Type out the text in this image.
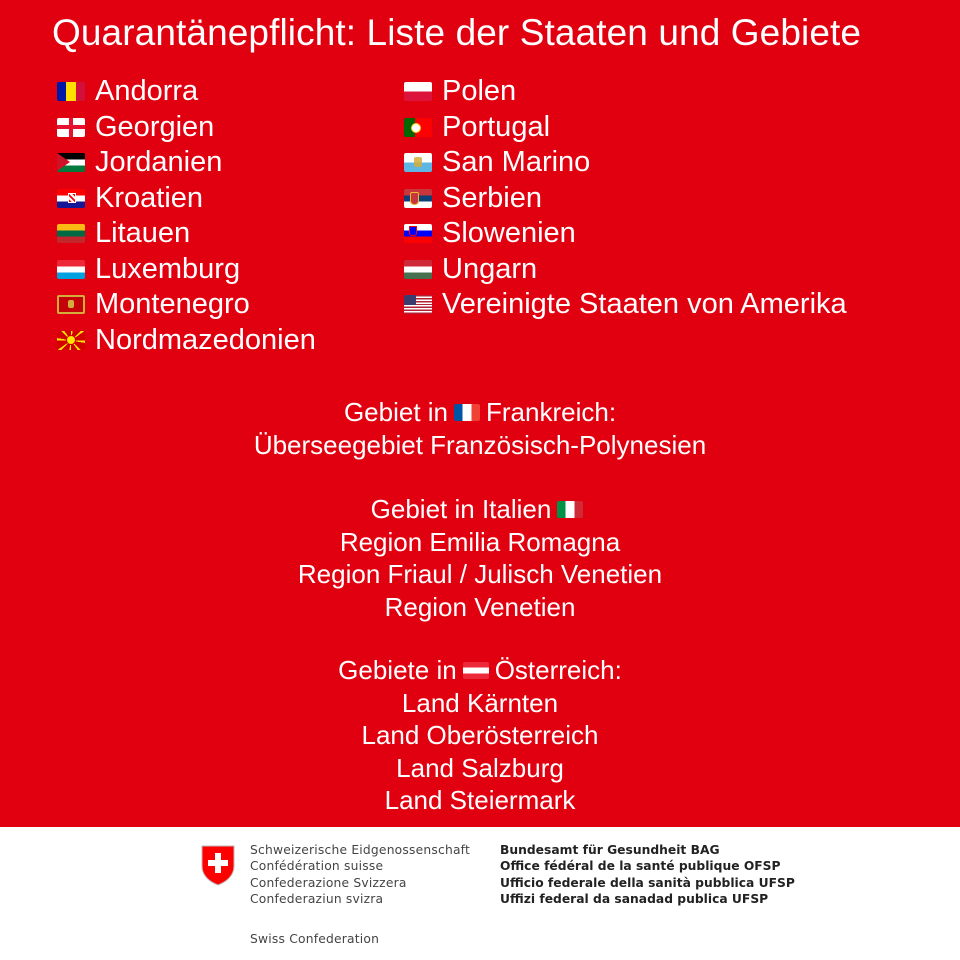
Quarantänepflicht: Liste der Staaten und Gebiete
Andorra
Georgien
Jordanien
Kroatien
Litauen
Luxemburg
Montenegro
Nordmazedonien
Polen
Portugal
San Marino
Serbien
Slowenien
Ungarn
Vereinigte Staaten von Amerika
Gebiet in Frankreich:
Überseegebiet Französisch-Polynesien
Gebiet in Italien
Region Emilia Romagna
Region Friaul / Julisch Venetien
Region Venetien
Gebiete in Österreich:
Land Kärnten
Land Oberösterreich
Land Salzburg
Land Steiermark
Schweizerische Eidgenossenschaft
Confédération suisse
Confederazione Svizzera
Confederaziun svizra
Bundesamt für Gesundheit BAG
Office fédéral de la santé publique OFSP
Ufficio federale della sanità pubblica UFSP
Uffizi federal da sanadad publica UFSP
Swiss Confederation
